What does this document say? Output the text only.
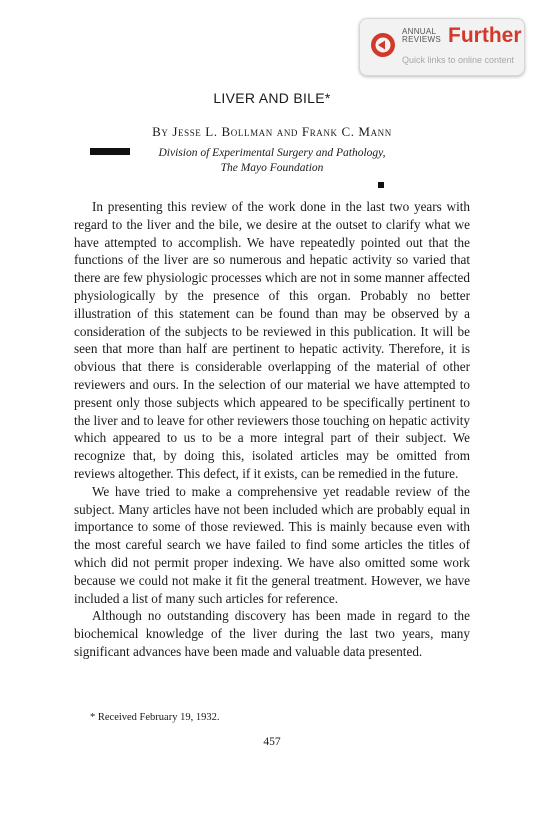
ANNUAL
REVIEWS Further
Quick links to online content
LIVER AND BILE*
By Jesse L. Bollman and Frank C. Mann
Division of Experimental Surgery and Pathology,
The Mayo Foundation

In presenting this review of the work done in the last two years with regard to the liver and the bile, we desire at the outset to clarify what we have attempted to accomplish. We have repeatedly pointed out that the functions of the liver are so numerous and hepatic activity so varied that there are few physiologic processes which are not in some manner affected physiologically by the presence of this organ. Probably no better illustration of this statement can be found than may be observed by a consideration of the subjects to be reviewed in this publication. It will be seen that more than half are pertinent to hepatic activity. Therefore, it is obvious that there is considerable overlapping of the material of other reviewers and ours. In the selection of our material we have attempted to present only those subjects which appeared to be specifically pertinent to the liver and to leave for other reviewers those touching on hepatic activity which appeared to us to be a more integral part of their subject. We recognize that, by doing this, isolated articles may be omitted from reviews altogether. This defect, if it exists, can be remedied in the future.

We have tried to make a comprehensive yet readable review of the subject. Many articles have not been included which are probably equal in importance to some of those reviewed. This is mainly because even with the most careful search we have failed to find some articles the titles of which did not permit proper indexing. We have also omitted some work because we could not make it fit the general treatment. However, we have included a list of many such articles for reference.

Although no outstanding discovery has been made in regard to the biochemical knowledge of the liver during the last two years, many significant advances have been made and valuable data presented.

* Received February 19, 1932.
457
